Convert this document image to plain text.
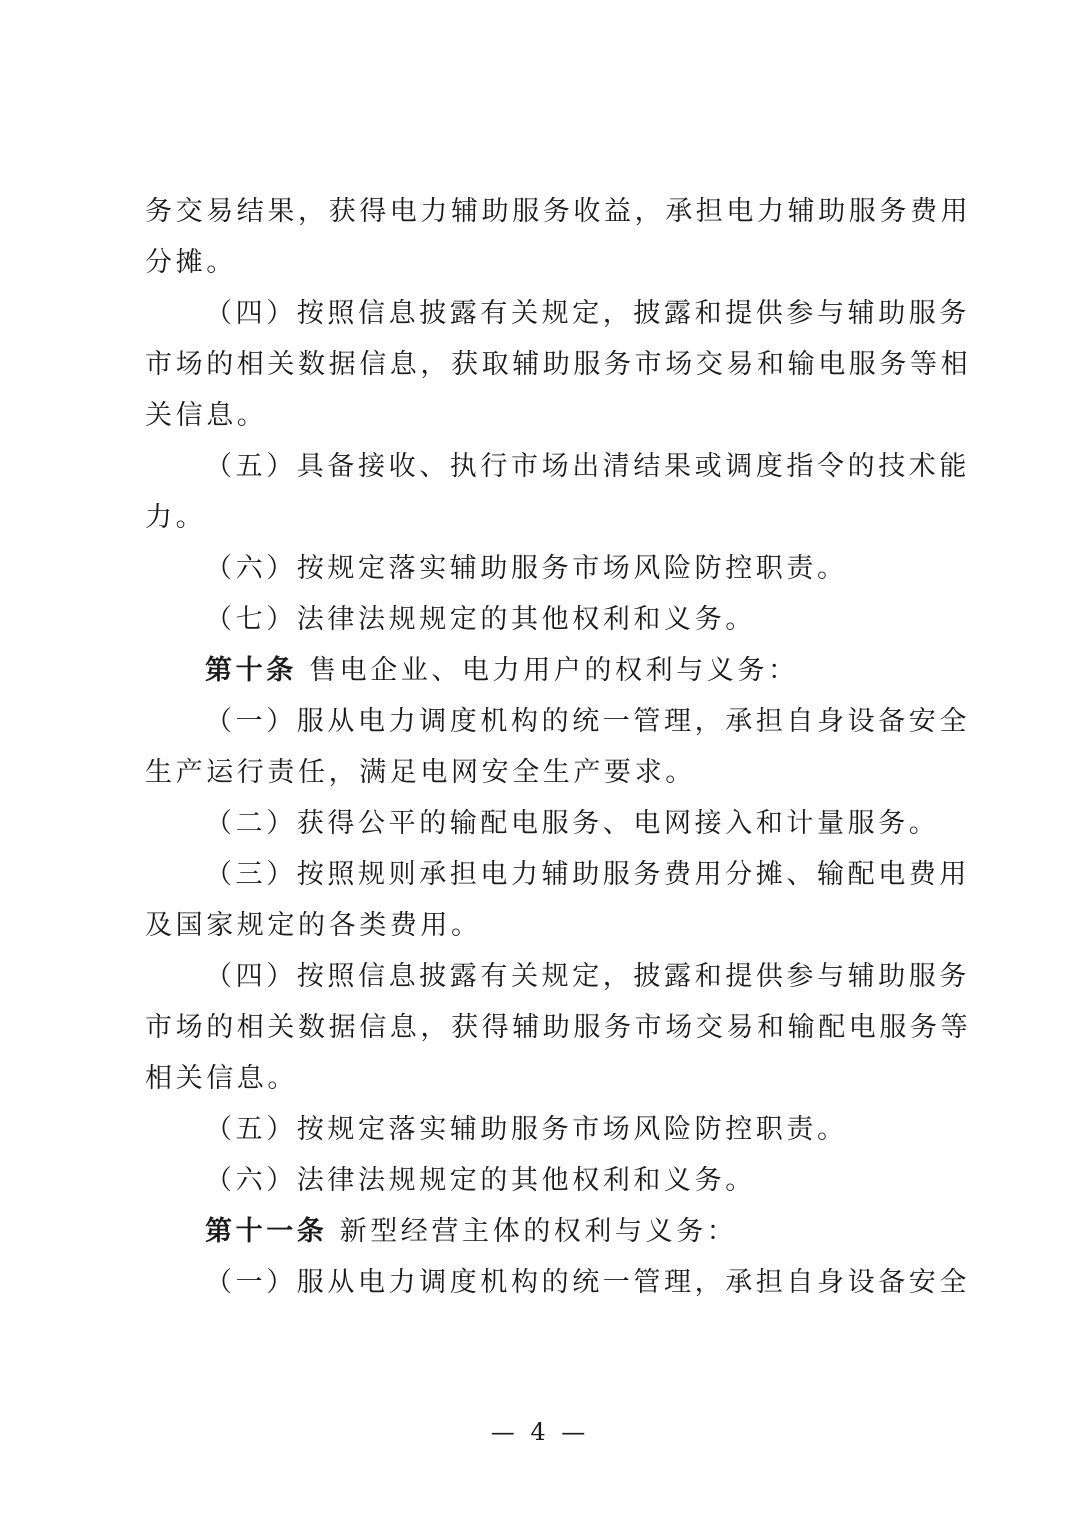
务交易结果，获得电力辅助服务收益，承担电力辅助服务费用
分摊。
（四）按照信息披露有关规定，披露和提供参与辅助服务
市场的相关数据信息，获取辅助服务市场交易和输电服务等相
关信息。
（五）具备接收、执行市场出清结果或调度指令的技术能
力。
（六）按规定落实辅助服务市场风险防控职责。
（七）法律法规规定的其他权利和义务。
第十条 售电企业、电力用户的权利与义务：
（一）服从电力调度机构的统一管理，承担自身设备安全
生产运行责任，满足电网安全生产要求。
（二）获得公平的输配电服务、电网接入和计量服务。
（三）按照规则承担电力辅助服务费用分摊、输配电费用
及国家规定的各类费用。
（四）按照信息披露有关规定，披露和提供参与辅助服务
市场的相关数据信息，获得辅助服务市场交易和输配电服务等
相关信息。
（五）按规定落实辅助服务市场风险防控职责。
（六）法律法规规定的其他权利和义务。
第十一条 新型经营主体的权利与义务：
（一）服从电力调度机构的统一管理，承担自身设备安全
— 4 —
